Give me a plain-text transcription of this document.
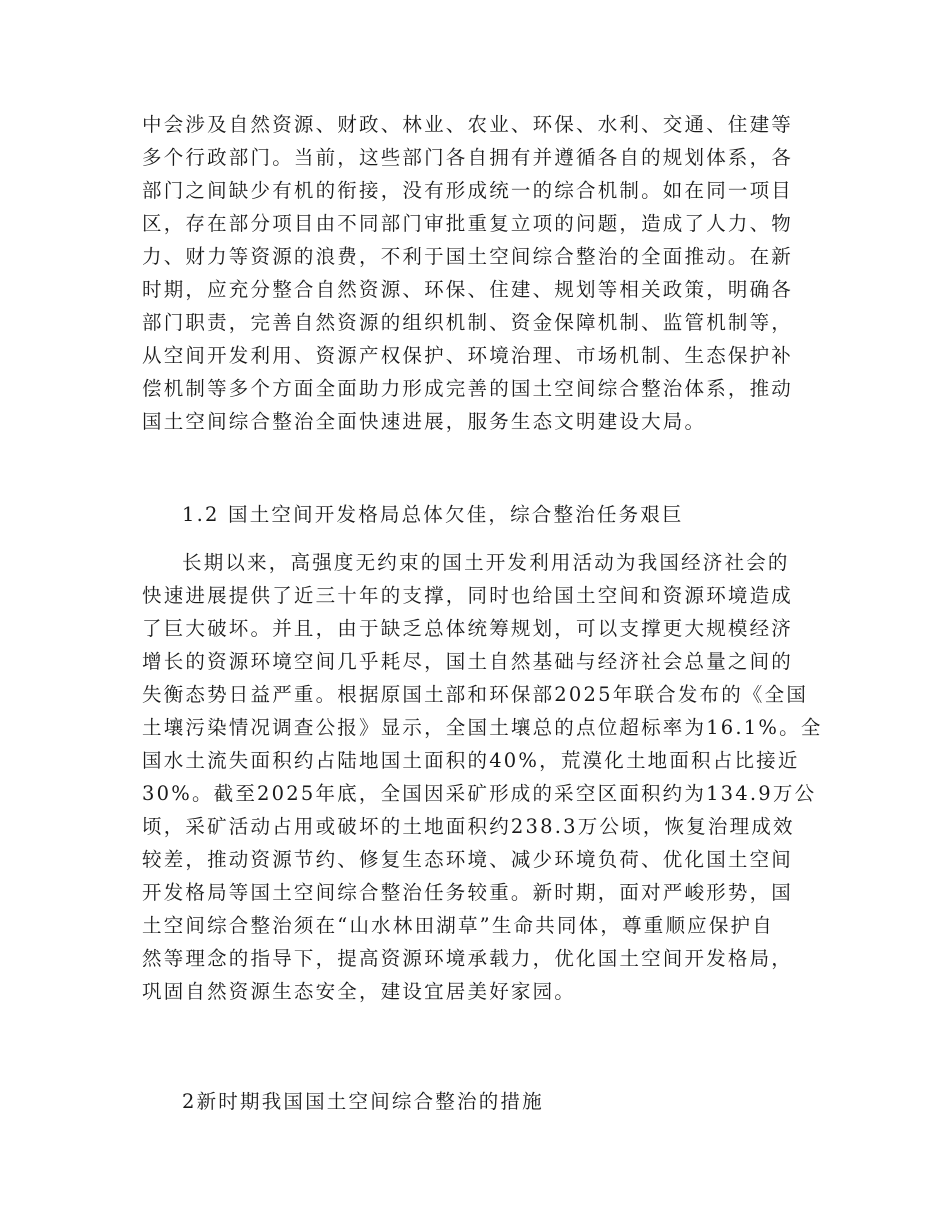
中会涉及自然资源、财政、林业、农业、环保、水利、交通、住建等
多个行政部门。当前，这些部门各自拥有并遵循各自的规划体系，各
部门之间缺少有机的衔接，没有形成统一的综合机制。如在同一项目
区，存在部分项目由不同部门审批重复立项的问题，造成了人力、物
力、财力等资源的浪费，不利于国土空间综合整治的全面推动。在新
时期，应充分整合自然资源、环保、住建、规划等相关政策，明确各
部门职责，完善自然资源的组织机制、资金保障机制、监管机制等，
从空间开发利用、资源产权保护、环境治理、市场机制、生态保护补
偿机制等多个方面全面助力形成完善的国土空间综合整治体系，推动
国土空间综合整治全面快速进展，服务生态文明建设大局。
1.2 国土空间开发格局总体欠佳，综合整治任务艰巨
长期以来，高强度无约束的国土开发利用活动为我国经济社会的
快速进展提供了近三十年的支撑，同时也给国土空间和资源环境造成
了巨大破坏。并且，由于缺乏总体统筹规划，可以支撑更大规模经济
增长的资源环境空间几乎耗尽，国土自然基础与经济社会总量之间的
失衡态势日益严重。根据原国土部和环保部2025年联合发布的《全国
土壤污染情况调查公报》显示，全国土壤总的点位超标率为16.1%。全
国水土流失面积约占陆地国土面积的40%，荒漠化土地面积占比接近
30%。截至2025年底，全国因采矿形成的采空区面积约为134.9万公
顷，采矿活动占用或破坏的土地面积约238.3万公顷，恢复治理成效
较差，推动资源节约、修复生态环境、减少环境负荷、优化国土空间
开发格局等国土空间综合整治任务较重。新时期，面对严峻形势，国
土空间综合整治须在“山水林田湖草”生命共同体，尊重顺应保护自
然等理念的指导下，提高资源环境承载力，优化国土空间开发格局，
巩固自然资源生态安全，建设宜居美好家园。
2新时期我国国土空间综合整治的措施
